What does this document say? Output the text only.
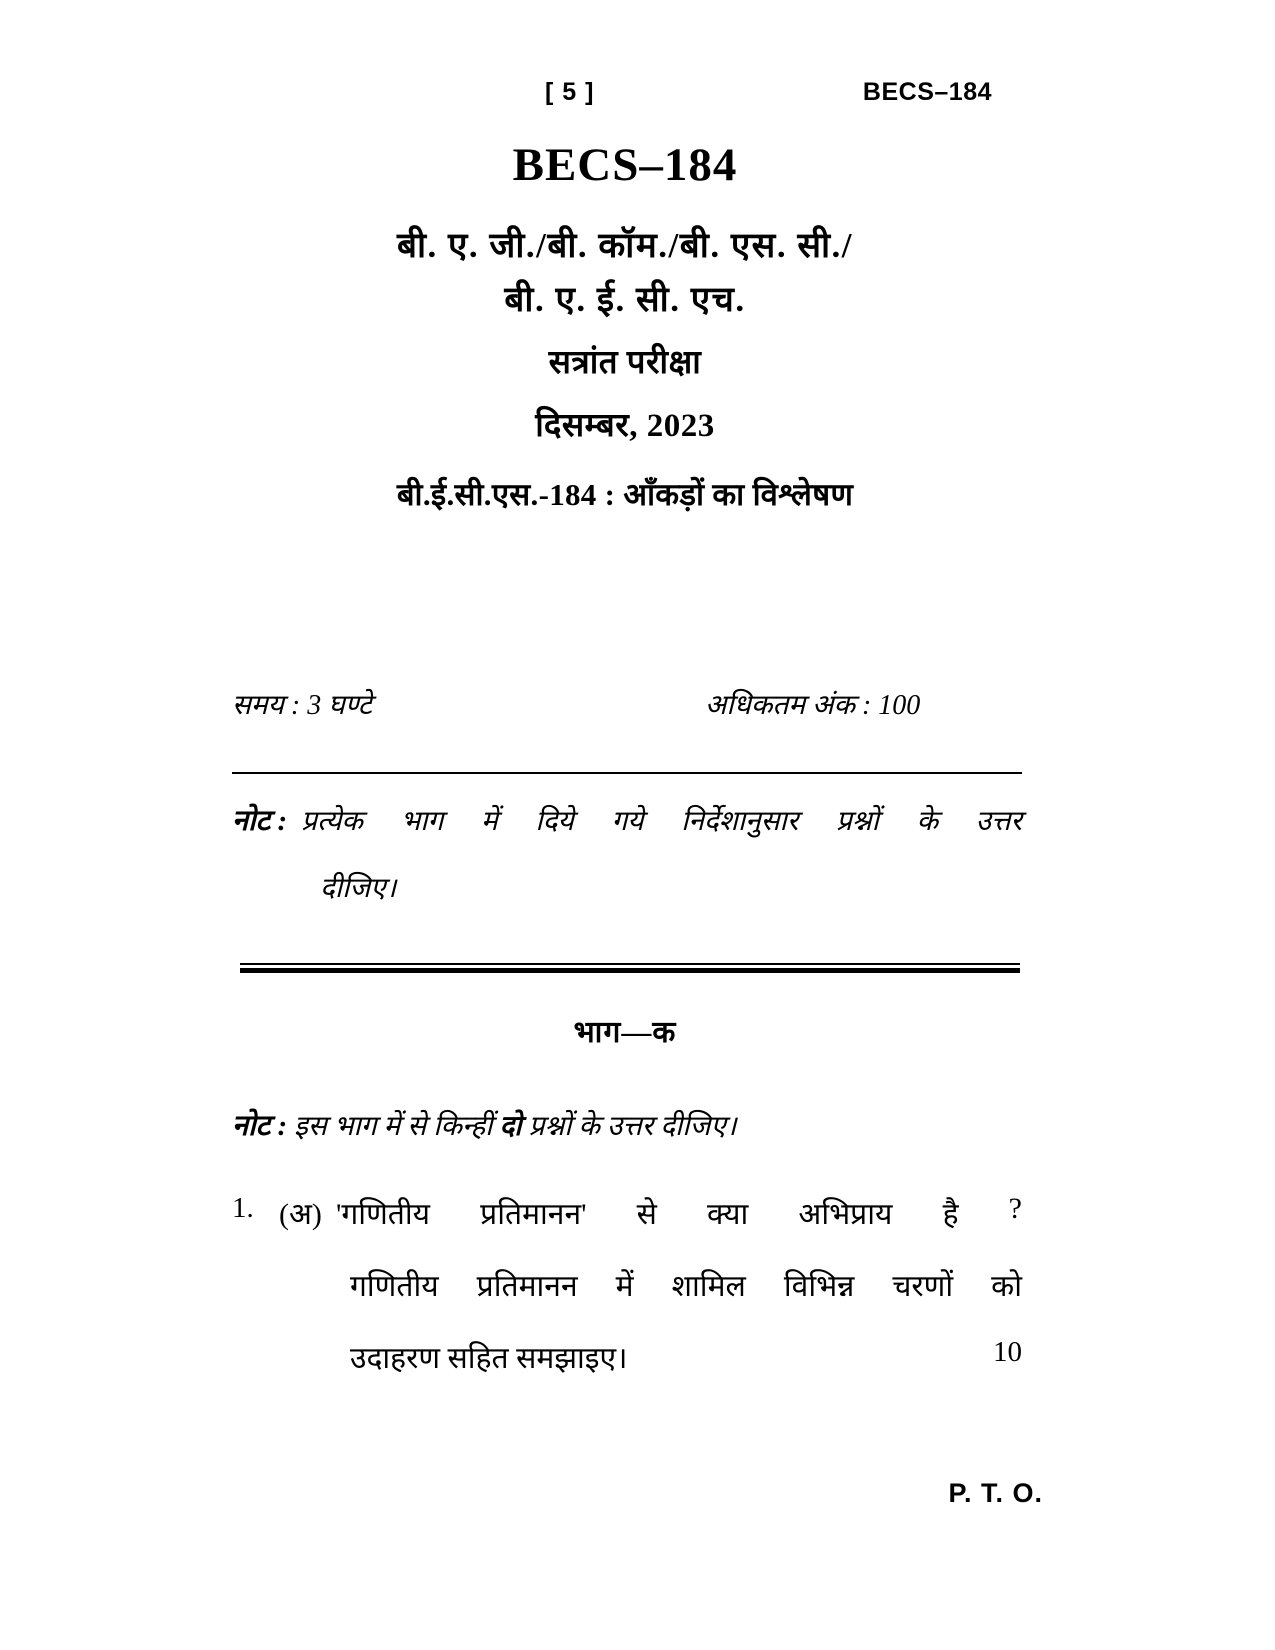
[ 5 ]	BECS–184
BECS–184
बी. ए. जी./बी. कॉम./बी. एस. सी./
बी. ए. ई. सी. एच.
सत्रांत परीक्षा
दिसम्बर, 2023
बी.ई.सी.एस.-184 : आँकड़ों का विश्लेषण
समय : 3 घण्टे	अधिकतम अंक : 100
नोट : प्रत्येक भाग में दिये गये निर्देशानुसार प्रश्नों के उत्तर
दीजिए।
भाग—क
नोट : इस भाग में से किन्हीं दो प्रश्नों के उत्तर दीजिए।
1. (अ) 'गणितीय प्रतिमानन' से क्या अभिप्राय है ?
गणितीय प्रतिमानन में शामिल विभिन्न चरणों को
उदाहरण सहित समझाइए।	10
P. T. O.
